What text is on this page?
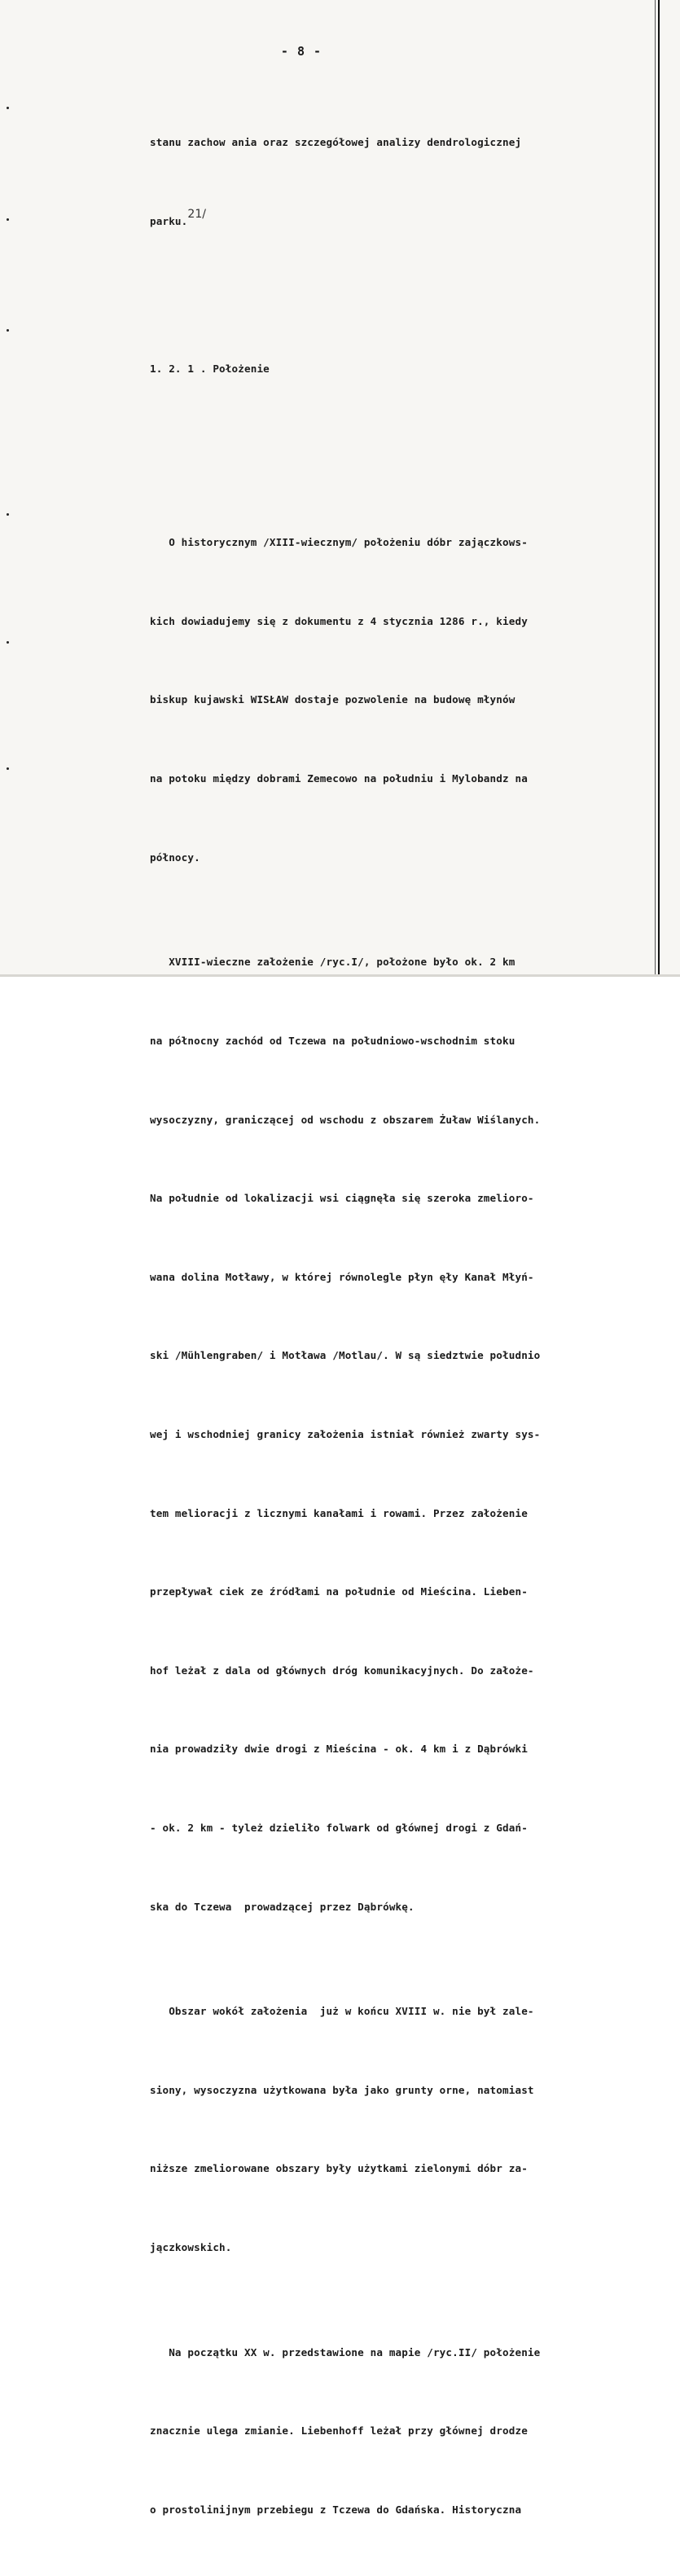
- 8 -

stanu zachow ania oraz szczegółowej analizy dendrologicznej

parku.21/

1. 2. 1 . Położenie

O historycznym /XIII-wiecznym/ położeniu dóbr zajączkows-

kich dowiadujemy się z dokumentu z 4 stycznia 1286 r., kiedy

biskup kujawski WISŁAW dostaje pozwolenie na budowę młynów

na potoku między dobrami Zemecowo na południu i Mylobandz na

północy.

XVIII-wieczne założenie /ryc.I/, położone było ok. 2 km

na północny zachód od Tczewa na południowo-wschodnim stoku

wysoczyzny, graniczącej od wschodu z obszarem Żuław Wiślanych.

Na południe od lokalizacji wsi ciągnęła się szeroka zmelioro-

wana dolina Motławy, w której równolegle płyn ęły Kanał Młyń-

ski /Mühlengraben/ i Motława /Motlau/. W są siedztwie południo

wej i wschodniej granicy założenia istniał również zwarty sys-

tem melioracji z licznymi kanałami i rowami. Przez założenie

przepływał ciek ze źródłami na południe od Mieścina. Lieben-

hof leżał z dala od głównych dróg komunikacyjnych. Do założe-

nia prowadziły dwie drogi z Mieścina - ok. 4 km i z Dąbrówki

- ok. 2 km - tyleż dzieliło folwark od głównej drogi z Gdań-

ska do Tczewa  prowadzącej przez Dąbrówkę.

Obszar wokół założenia  już w końcu XVIII w. nie był zale-

siony, wysoczyzna użytkowana była jako grunty orne, natomiast

niższe zmeliorowane obszary były użytkami zielonymi dóbr za-

jączkowskich.

Na początku XX w. przedstawione na mapie /ryc.II/ położenie

znacznie ulega zmianie. Liebenhoff leżał przy głównej drodze

o prostolinijnym przebiegu z Tczewa do Gdańska. Historyczna
